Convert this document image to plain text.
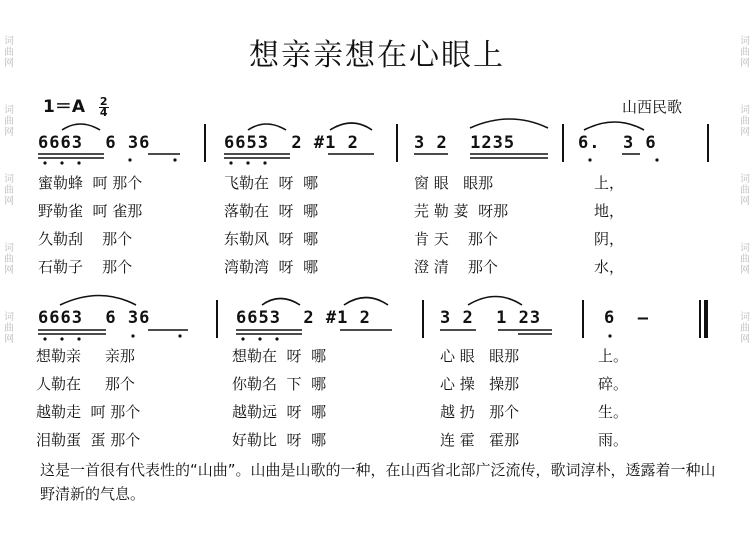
词
曲
网
词
曲
网
词
曲
网
词
曲
网
词
曲
网
词
曲
网
词
曲
网
词
曲
网
词
曲
网
词
曲
网
想亲亲想在心眼上
$1=A \frac{2}{4}$	山西民歌
6663  6 36	6653  2 #1 2	3 2  1235	6.  3 6
蜜勒蜂  呵 那个	飞勒在  呀  哪	窗 眼   眼那	上，
野勒雀  呵 雀那	落勒在  呀  哪	芫 勒 荽  呀那	地，
久勒刮    那个	东勒风  呀  哪	肯 天    那个	阴，
石勒子    那个	湾勒湾  呀  哪	澄 清    那个	水，
6663  6 36	6653  2 #1 2	3 2  1 23	6  –
想勒亲     亲那	想勒在  呀  哪	心 眼   眼那	上。
人勒在     那个	你勒名  下  哪	心 操   操那	碎。
越勒走  呵 那个	越勒远  呀  哪	越 扔   那个	生。
泪勒蛋  蛋 那个	好勒比  呀  哪	连 霍   霍那	雨。
这是一首很有代表性的“山曲”。山曲是山歌的一种，在山西省北部广泛流传，歌词淳朴，透露着一种山野清新的气息。
